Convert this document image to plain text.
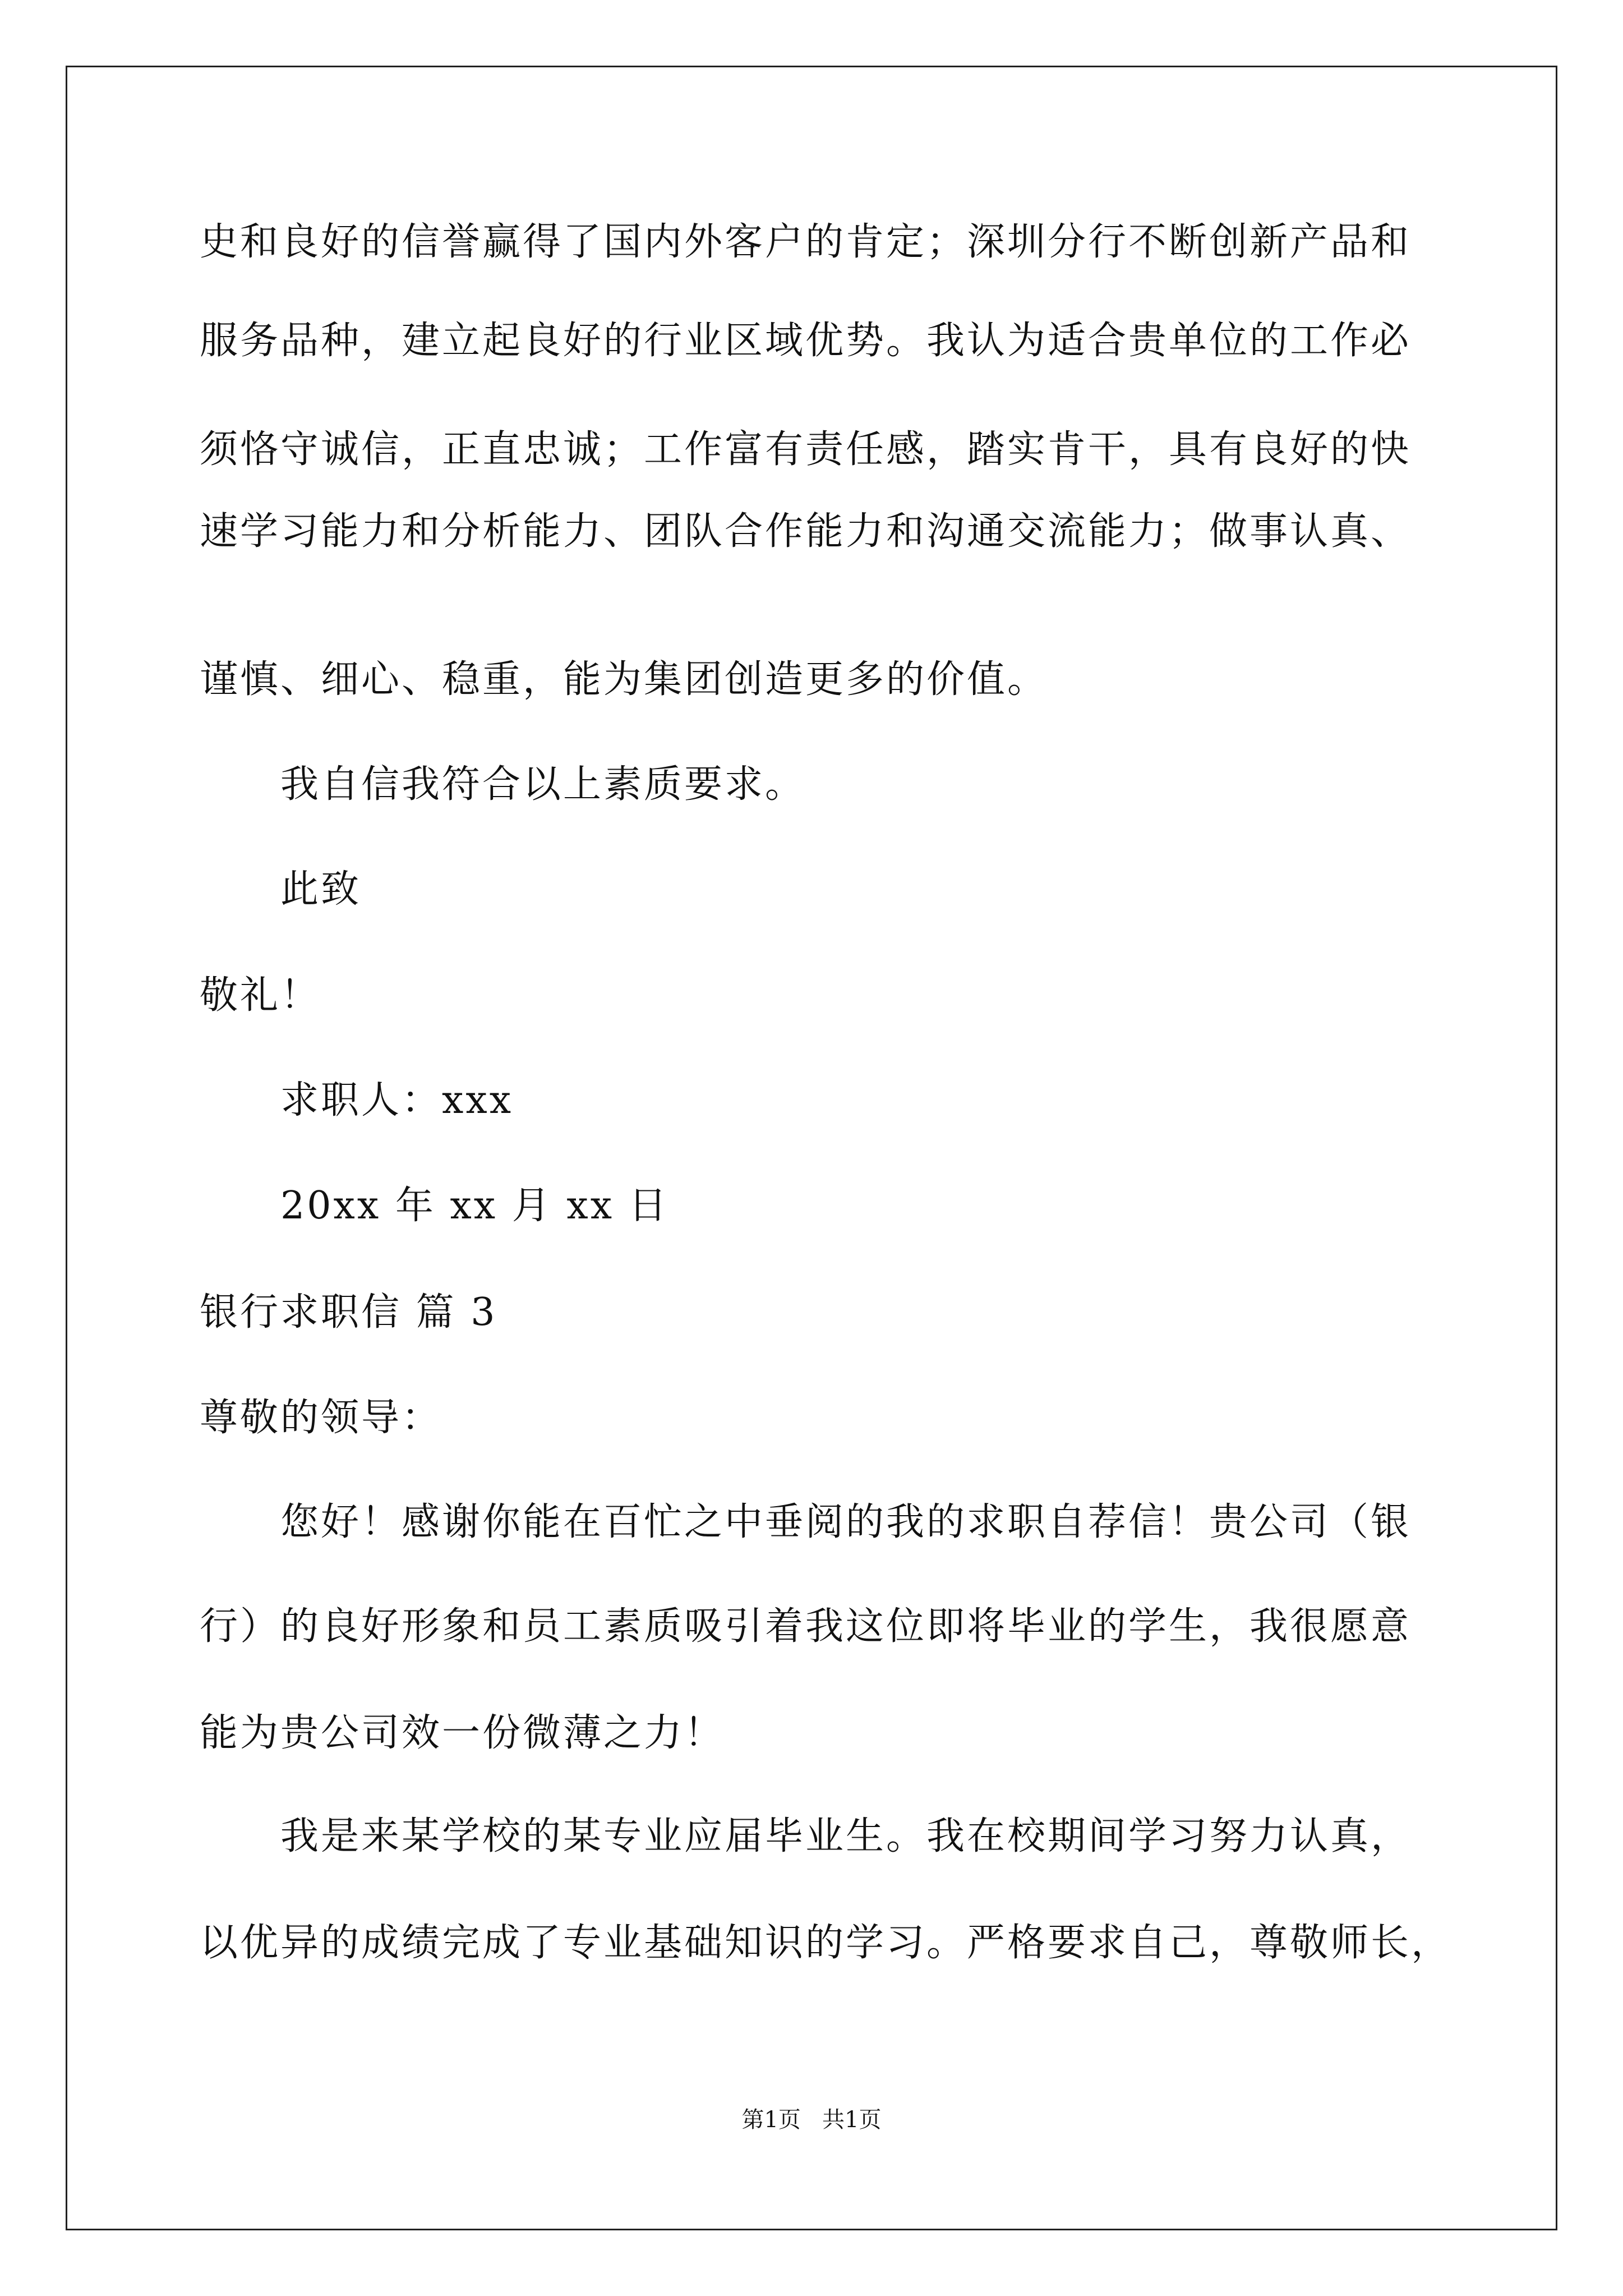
史和良好的信誉赢得了国内外客户的肯定；深圳分行不断创新产品和
服务品种，建立起良好的行业区域优势。我认为适合贵单位的工作必
须恪守诚信，正直忠诚；工作富有责任感，踏实肯干，具有良好的快
速学习能力和分析能力、团队合作能力和沟通交流能力；做事认真、
谨慎、细心、稳重，能为集团创造更多的价值。
我自信我符合以上素质要求。
此致
敬礼！
求职人：xxx
20xx 年 xx 月 xx 日
银行求职信 篇 3
尊敬的领导：
您好！感谢你能在百忙之中垂阅的我的求职自荐信！贵公司（银
行）的良好形象和员工素质吸引着我这位即将毕业的学生，我很愿意
能为贵公司效一份微薄之力！
我是来某学校的某专业应届毕业生。我在校期间学习努力认真，
以优异的成绩完成了专业基础知识的学习。严格要求自己，尊敬师长，
第1页   共1页
